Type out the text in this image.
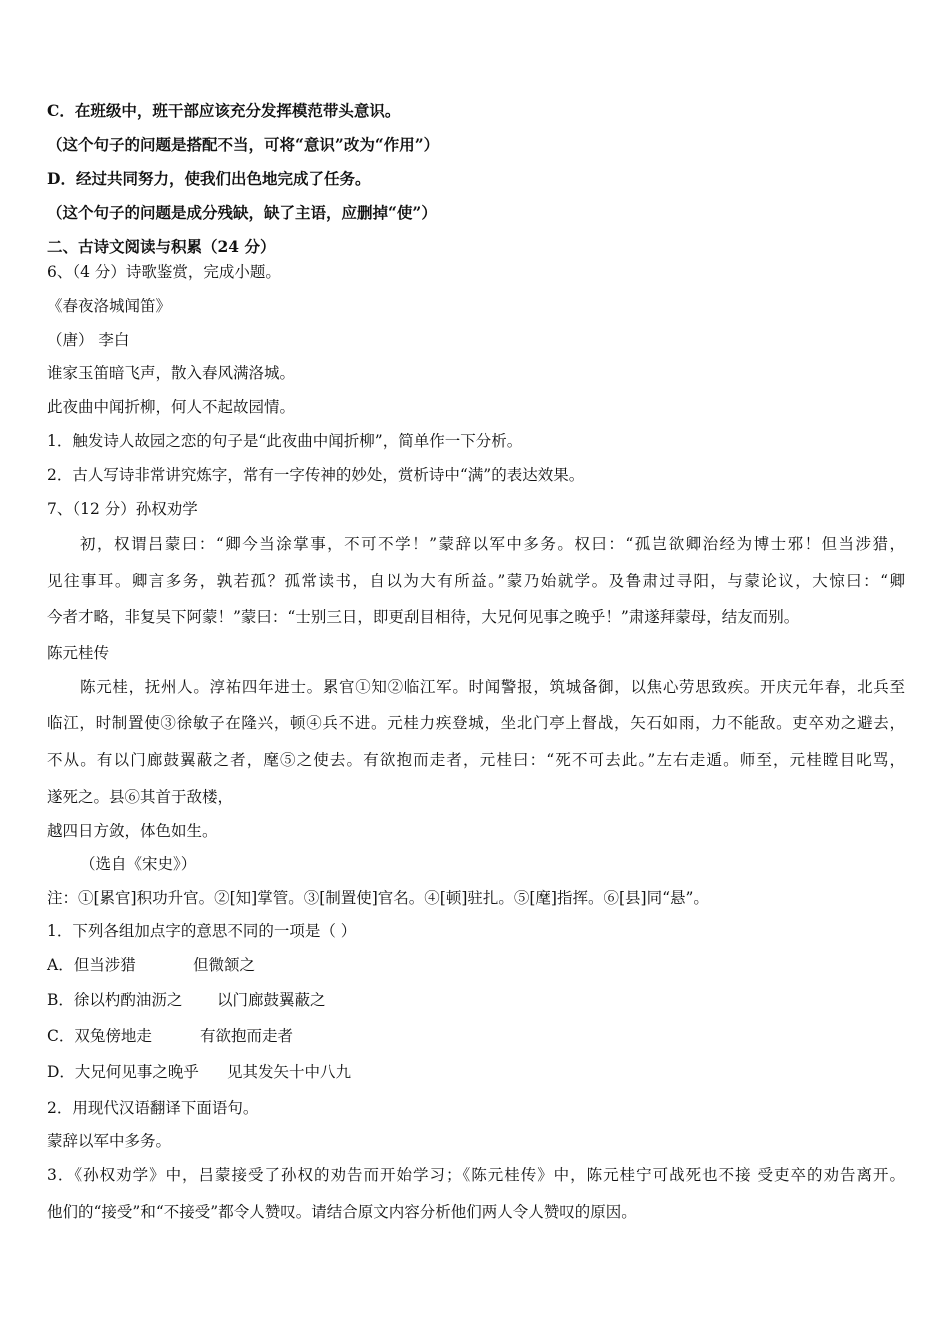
C．在班级中，班干部应该充分发挥模范带头意识。
（这个句子的问题是搭配不当，可将“意识”改为“作用”）
D．经过共同努力，使我们出色地完成了任务。
（这个句子的问题是成分残缺，缺了主语，应删掉“使”）
二、古诗文阅读与积累（24 分）
6、（4 分）诗歌鉴赏，完成小题。
《春夜洛城闻笛》
（唐） 李白
谁家玉笛暗飞声，散入春风满洛城。
此夜曲中闻折柳，何人不起故园情。
1．触发诗人故园之恋的句子是“此夜曲中闻折柳”，简单作一下分析。
2．古人写诗非常讲究炼字，常有一字传神的妙处，赏析诗中“满”的表达效果。
7、（12 分）孙权劝学
初，权谓吕蒙曰：“卿今当涂掌事，不可不学！”蒙辞以军中多务。权曰：“孤岂欲卿治经为博士邪！但当涉猎，
见往事耳。卿言多务，孰若孤？孤常读书，自以为大有所益。”蒙乃始就学。及鲁肃过寻阳，与蒙论议，大惊曰：“卿
今者才略，非复吴下阿蒙！”蒙曰：“士别三日，即更刮目相待，大兄何见事之晚乎！”肃遂拜蒙母，结友而别。
陈元桂传
陈元桂，抚州人。淳祐四年进士。累官①知②临江军。时闻警报，筑城备御，以焦心劳思致疾。开庆元年春，北兵至
临江，时制置使③徐敏子在隆兴，顿④兵不进。元桂力疾登城，坐北门亭上督战，矢石如雨，力不能敌。吏卒劝之避去，
不从。有以门廊鼓翼蔽之者，麾⑤之使去。有欲抱而走者，元桂曰：“死不可去此。”左右走遁。师至，元桂瞠目叱骂，
遂死之。县⑥其首于敌楼，
越四日方敛，体色如生。
（选自《宋史》）
注：①[累官]积功升官。②[知]掌管。③[制置使]官名。④[顿]驻扎。⑤[麾]指挥。⑥[县]同“悬”。
1．下列各组加点字的意思不同的一项是（ ）
A．但当涉猎	但微颔之
B．徐以杓酌油沥之 以门廊鼓翼蔽之
C．双兔傍地走	有欲抱而走者
D．大兄何见事之晚乎 见其发矢十中八九
2．用现代汉语翻译下面语句。
蒙辞以军中多务。
3．《孙权劝学》中，吕蒙接受了孙权的劝告而开始学习；《陈元桂传》中，陈元桂宁可战死也不接 受吏卒的劝告离开。
他们的“接受”和“不接受”都令人赞叹。请结合原文内容分析他们两人令人赞叹的原因。
